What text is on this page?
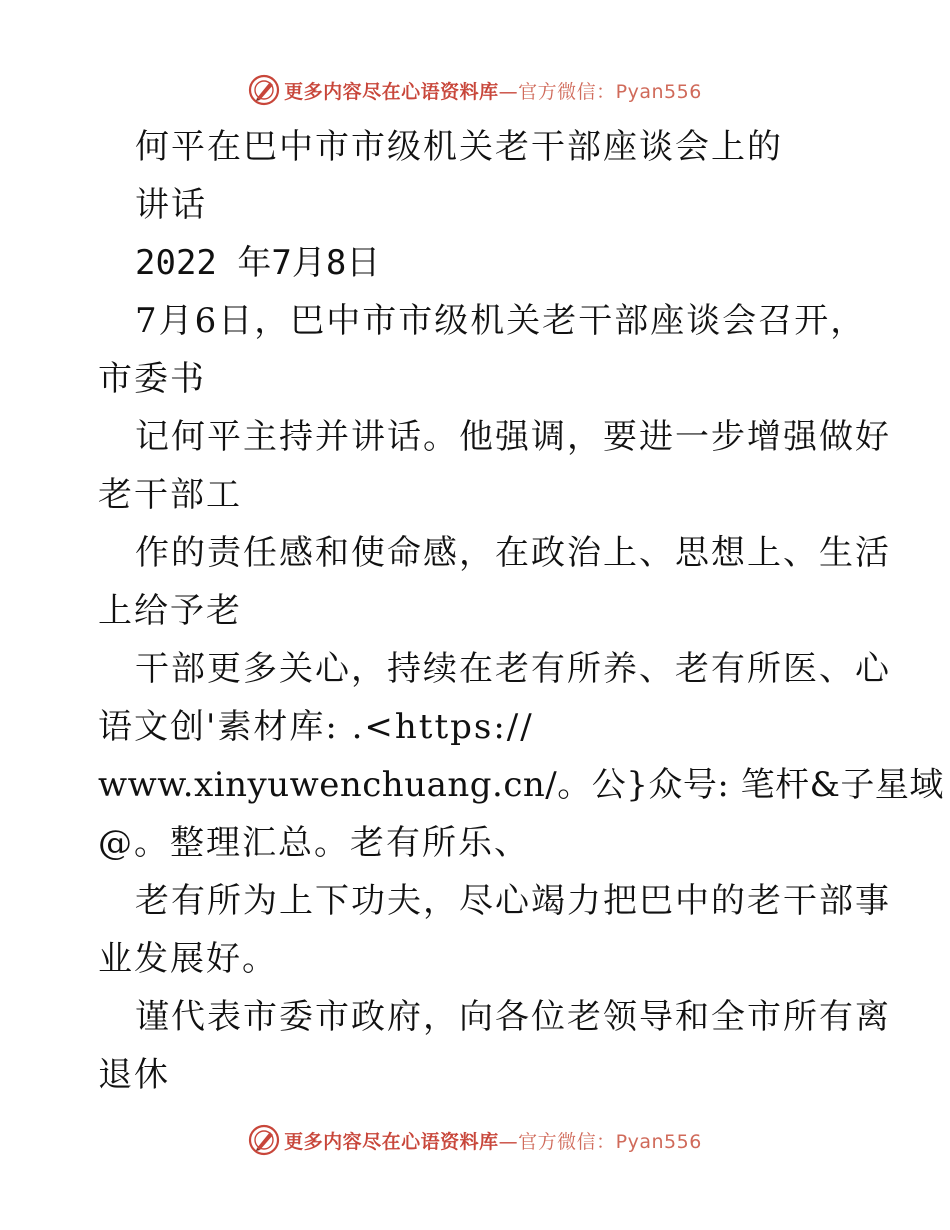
更多内容尽在心语资料库—官方微信：Pyan556
何平在巴中市市级机关老干部座谈会上的
讲话
2022 年7月8日
7月6日，巴中市市级机关老干部座谈会召开，
市委书
记何平主持并讲话。他强调，要进一步增强做好
老干部工
作的责任感和使命感，在政治上、思想上、生活
上给予老
干部更多关心，持续在老有所养、老有所医、心
语文创'素材库: .<https://
www.xinyuwenchuang.cn/。公}众号: 笔杆&子星域
@。整理汇总。老有所乐、
老有所为上下功夫，尽心竭力把巴中的老干部事
业发展好。
谨代表市委市政府，向各位老领导和全市所有离
退休
更多内容尽在心语资料库—官方微信：Pyan556
